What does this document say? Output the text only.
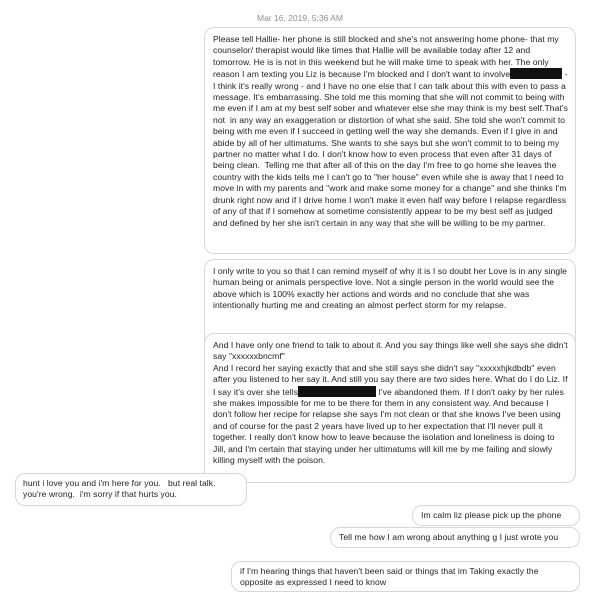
Mar 16, 2019, 5:36 AM

Please tell Hallie- her phone is still blocked and she's not answering home phone- that my counselor/ therapist would like times that Hallie will be available today after 12 and tomorrow. He is is not in this weekend but he will make time to speak with her. The only reason I am texting you Liz is because I'm blocked and I don't want to involve	- I think it's really wrong - and I have no one else that I can talk about this with even to pass a message. It's embarrassing. She told me this morning that she will not commit to being with me even if I am at my best self sober and whatever else she may think is my best self.That's not  in any way an exaggeration or distortion of what she said. She told she won't commit to being with me even if I succeed in getting well the way she demands. Even if I give in and abide by all of her ultimatums. She wants to she says but she won't commit to to being my partner no matter what I do. I don't know how to even process that even after 31 days of being clean.  Telling me that after all of this on the day I'm free to go home she leaves the country with the kids tells me I can't go to "her house" even while she is away that I need to move in with my parents and "work and make some money for a change" and she thinks I'm drunk right now and if I drive home I won't make it even half way before I relapse regardless of any of that if I somehow at sometime consistently appear to be my best self as judged and defined by her she isn't certain in any way that she will be willing to be my partner.

I only write to you so that I can remind myself of why it is I so doubt her Love is in any single human being or animals perspective love. Not a single person in the world would see the above which is 100% exactly her actions and words and no conclude that she was intentionally hurting me and creating an almost perfect storm for my relapse.

And I have only one friend to talk to about it. And you say things like well she says she didn't say "xxxxxxbncmf"
And I record her saying exactly that and she still says she didn't say "xxxxxhjkdbdb" even after you listened to her say it. And still you say there are two sides here. What do I do Liz. If I say it's over she tells	I've abandoned them. If I don't oaky by her rules she makes impossible for me to be there for them in any consistent way. And because I don't follow her recipe for relapse she says I'm not clean or that she knows I've been using and of course for the past 2 years have lived up to her expectation that I'll never pull it together. I really don't know how to leave because the isolation and loneliness is doing to Jill, and I'm certain that staying under her ultimatums will kill me by me failing and slowly killing myself with the poison.

hunt i love you and i'm here for you.   but real talk.  you're wrong.  i'm sorry if that hurts you.

Im calm liz please pick up the phone

Tell me how I am wrong about anything g I just wrote you

if I'm hearing things that haven't been said or things that im Taking exactly the opposite as expressed I need to know
